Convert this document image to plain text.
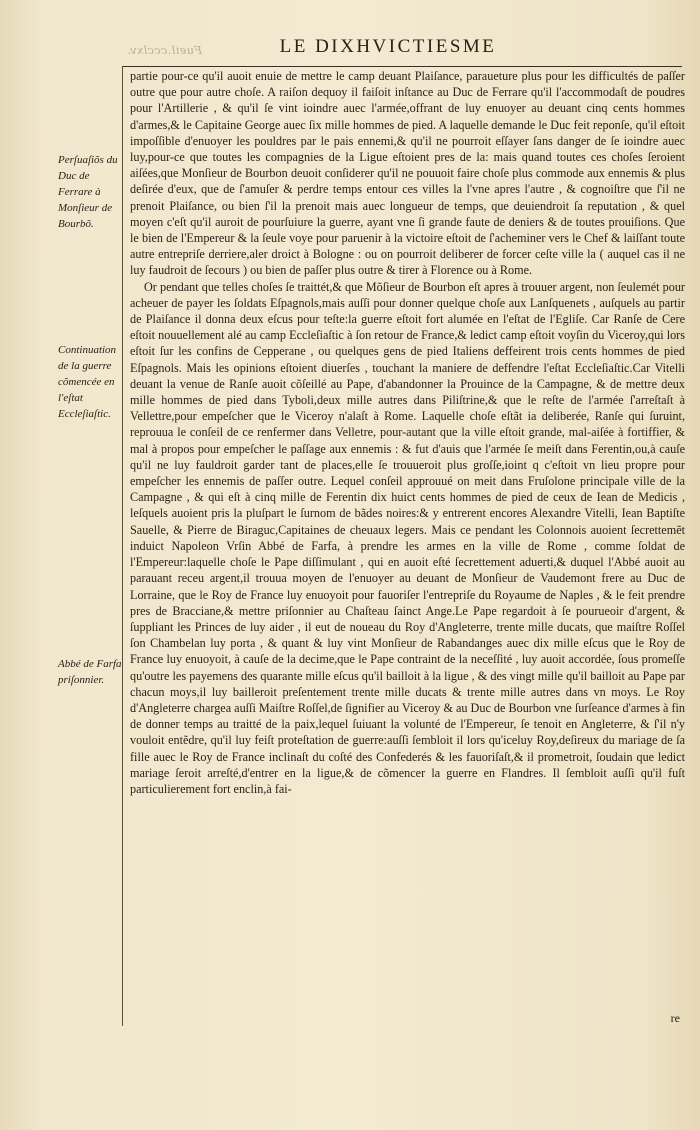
Fueil.ccclxv.	LE DIXHVICTIESME
Perſuaſiõs du Duc de Ferrare à Monſieur de Bourbõ.
Continuation de la guerre cõmencée en l'eſtat Eccleſiaſtic.
Abbé de Farfa priſonnier.

partie pour-ce qu'il auoit enuie de mettre le camp deuant Plaiſance, paraueture plus pour les difficultés de paſſer outre que pour autre choſe. A raiſon dequoy il faiſoit inſtance au Duc de Ferrare qu'il l'accommodaſt de poudres pour l'Artillerie , & qu'il ſe vint ioindre auec l'armée,offrant de luy enuoyer au deuant cinq cents hommes d'armes,& le Capitaine George auec ſix mille hommes de pied. A laquelle demande le Duc feit reponſe, qu'il eſtoit impoſſible d'enuoyer les pouldres par le pais ennemi,& qu'il ne pourroit eſſayer ſans danger de ſe ioindre auec luy,pour-ce que toutes les compagnies de la Ligue eſtoient pres de la: mais quand toutes ces choſes ſeroient aiſées,que Monſieur de Bourbon deuoit conſiderer qu'il ne pouuoit faire choſe plus commode aux ennemis & plus deſirée d'eux, que de ſ'amuſer & perdre temps entour ces villes la l'vne apres l'autre , & cognoiſtre que ſ'il ne prenoit Plaiſance, ou bien ſ'il la prenoit mais auec longueur de temps, que deuiendroit ſa reputation , & quel moyen c'eſt qu'il auroit de pourſuiure la guerre, ayant vne ſi grande faute de deniers & de toutes prouiſions. Que le bien de l'Empereur & la ſeule voye pour paruenir à la victoire eſtoit de ſ'acheminer vers le Chef & laiſſant toute autre entrepriſe derriere,aler droict à Bologne : ou on pourroit deliberer de forcer ceſte ville la ( auquel cas il ne luy faudroit de ſecours ) ou bien de paſſer plus outre & tirer à Florence ou à Rome.

Or pendant que telles choſes ſe traittét,& que Mõſieur de Bourbon eſt apres à trouuer argent, non ſeulemét pour acheuer de payer les ſoldats Eſpagnols,mais auſſi pour donner quelque choſe aux Lanſquenets , auſquels au partir de Plaiſance il donna deux eſcus pour teſte:la guerre eſtoit fort alumée en l'eſtat de l'Egliſe. Car Ranſe de Cere eſtoit nouuellement alé au camp Eccleſiaſtic à ſon retour de France,& ledict camp eſtoit voyſin du Viceroy,qui lors eſtoit ſur les confins de Cepperane , ou quelques gens de pied Italiens deffeirent trois cents hommes de pied Eſpagnols. Mais les opinions eſtoient diuerſes , touchant la maniere de deffendre l'eſtat Eccleſiaſtic.Car Vitelli deuant la venue de Ranſe auoit cõſeillé au Pape, d'abandonner la Prouince de la Campagne, & de mettre deux mille hommes de pied dans Tyboli,deux mille autres dans Piliſtrine,& que le reſte de l'armée ſ'arreſtaſt à Vellettre,pour empeſcher que le Viceroy n'alaſt à Rome. Laquelle choſe eſtãt ia deliberée, Ranſe qui ſuruint, reprouua le conſeil de ce renfermer dans Velletre, pour-autant que la ville eſtoit grande, mal-aiſée à fortiffier, & mal à propos pour empeſcher le paſſage aux ennemis : & fut d'auis que l'armée ſe meiſt dans Ferentin,ou,à cauſe qu'il ne luy fauldroit garder tant de places,elle ſe trouueroit plus groſſe,ioint q c'eſtoit vn lieu propre pour empeſcher les ennemis de paſſer outre. Lequel conſeil approuué on meit dans Fruſolone principale ville de la Campagne , & qui eſt à cinq mille de Ferentin dix huict cents hommes de pied de ceux de Iean de Medicis , leſquels auoient pris la pluſpart le ſurnom de bãdes noires:& y entrerent encores Alexandre Vitelli, Iean Baptiſte Sauelle, & Pierre de Biraguc,Capitaines de cheuaux legers. Mais ce pendant les Colonnois auoient ſecrettemẽt induict Napoleon Vrſin Abbé de Farfa, à prendre les armes en la ville de Rome , comme ſoldat de l'Empereur:laquelle choſe le Pape diſſimulant , qui en auoit eſté ſecrettement aduerti,& duquel l'Abbé auoit au parauant receu argent,il trouua moyen de l'enuoyer au deuant de Monſieur de Vaudemont frere au Duc de Lorraine, que le Roy de France luy enuoyoit pour fauoriſer l'entrepriſe du Royaume de Naples , & le feit prendre pres de Bracciane,& mettre priſonnier au Chaſteau ſainct Ange.Le Pape regardoit à ſe pourueoir d'argent, & ſuppliant les Princes de luy aider , il eut de noueau du Roy d'Angleterre, trente mille ducats, que maiſtre Roſſel ſon Chambelan luy porta , & quant & luy vint Monſieur de Rabandanges auec dix mille eſcus que le Roy de France luy enuoyoit, à cauſe de la decime,que le Pape contraint de la neceſſité , luy auoit accordée, ſous promeſſe qu'outre les payemens des quarante mille eſcus qu'il bailloit à la ligue , & des vingt mille qu'il bailloit au Pape par chacun moys,il luy bailleroit preſentement trente mille ducats & trente mille autres dans vn moys. Le Roy d'Angleterre chargea auſſi Maiſtre Roſſel,de ſignifier au Viceroy & au Duc de Bourbon vne ſurſeance d'armes à fin de donner temps au traitté de la paix,lequel ſuiuant la volunté de l'Empereur, ſe tenoit en Angleterre, & ſ'il n'y vouloit entẽdre, qu'il luy feiſt proteſtation de guerre:auſſi ſembloit il lors qu'iceluy Roy,deſireux du mariage de ſa fille auec le Roy de France inclinaſt du coſté des Confederés & les fauoriſaſt,& il prometroit, ſoudain que ledict mariage ſeroit arreſté,d'entrer en la ligue,& de cõmencer la guerre en Flandres. Il ſembloit auſſi qu'il fuſt particulierement fort enclin,à fai-

re
